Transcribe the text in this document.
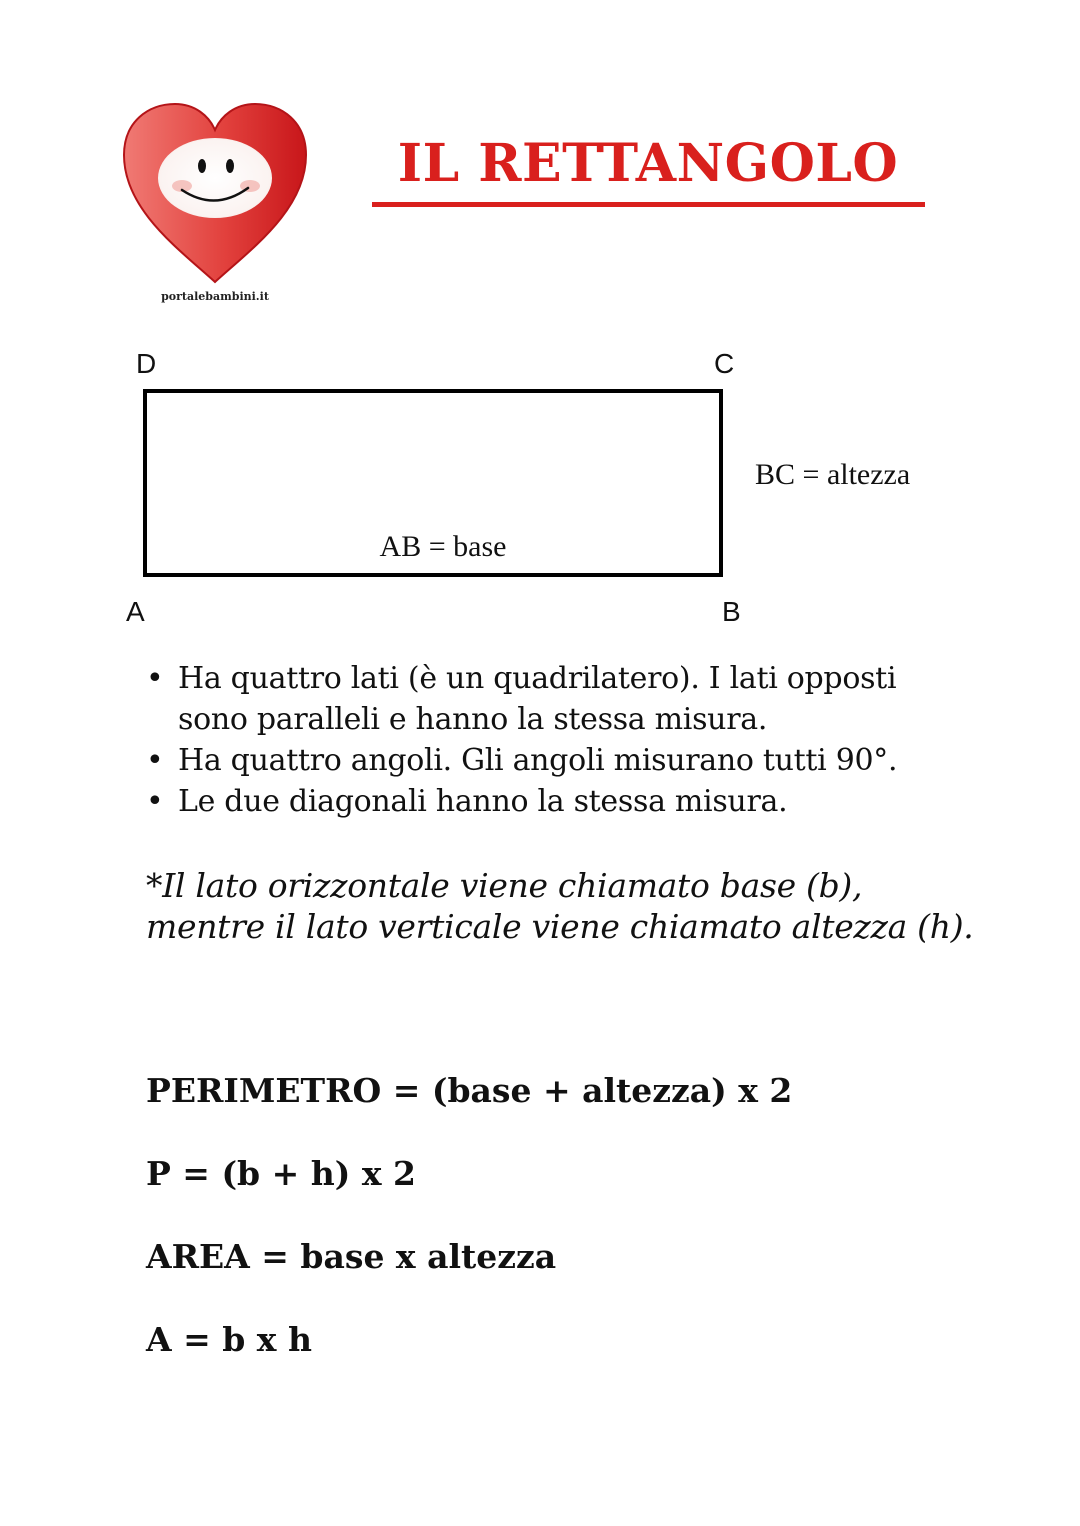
portalebambini.it
IL RETTANGOLO
D	C
A	B
AB = base
BC = altezza
• Ha quattro lati (è un quadrilatero). I lati opposti
sono paralleli e hanno la stessa misura.
• Ha quattro angoli. Gli angoli misurano tutti 90°.
• Le due diagonali hanno la stessa misura.

*Il lato orizzontale viene chiamato base (b),
mentre il lato verticale viene chiamato altezza (h).

PERIMETRO = (base + altezza) x 2
P = (b + h) x 2
AREA = base x altezza
A = b x h
